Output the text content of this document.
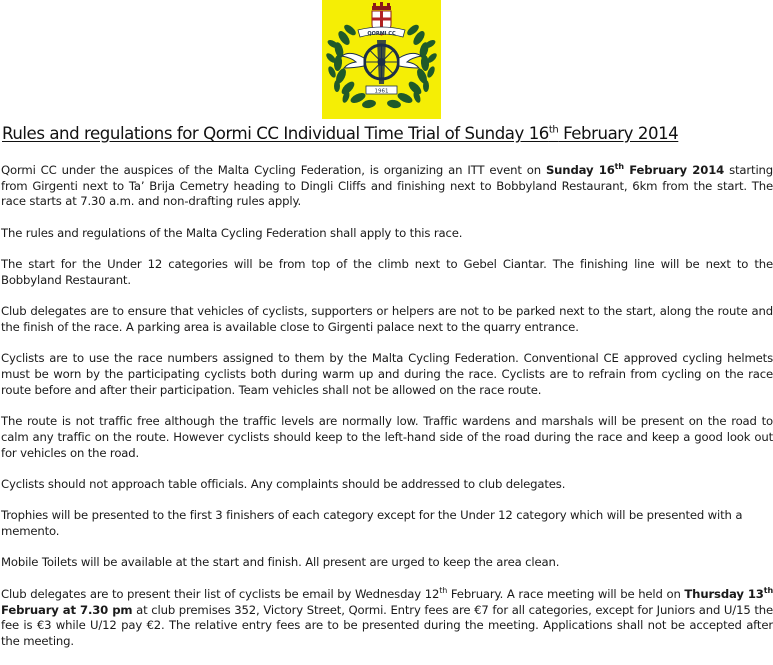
QORMI CC
1961
Rules and regulations for Qormi CC Individual Time Trial of Sunday 16th February 2014

Qormi CC under the auspices of the Malta Cycling Federation, is organizing an ITT event on Sunday 16th February 2014 starting from Girgenti next to Ta’ Brija Cemetry heading to Dingli Cliffs and finishing next to Bobbyland Restaurant, 6km from the start. The race starts at 7.30 a.m. and non-drafting rules apply.

The rules and regulations of the Malta Cycling Federation shall apply to this race.

The start for the Under 12 categories will be from top of the climb next to Gebel Ciantar. The finishing line will be next to the Bobbyland Restaurant.

Club delegates are to ensure that vehicles of cyclists, supporters or helpers are not to be parked next to the start, along the route and the finish of the race. A parking area is available close to Girgenti palace next to the quarry entrance.

Cyclists are to use the race numbers assigned to them by the Malta Cycling Federation. Conventional CE approved cycling helmets must be worn by the participating cyclists both during warm up and during the race. Cyclists are to refrain from cycling on the race route before and after their participation. Team vehicles shall not be allowed on the race route.

The route is not traffic free although the traffic levels are normally low. Traffic wardens and marshals will be present on the road to calm any traffic on the route. However cyclists should keep to the left-hand side of the road during the race and keep a good look out for vehicles on the road.

Cyclists should not approach table officials. Any complaints should be addressed to club delegates.

Trophies will be presented to the first 3 finishers of each category except for the Under 12 category which will be presented with a memento.

Mobile Toilets will be available at the start and finish. All present are urged to keep the area clean.

Club delegates are to present their list of cyclists be email by Wednesday 12th February. A race meeting will be held on Thursday 13th February at 7.30 pm at club premises 352, Victory Street, Qormi. Entry fees are €7 for all categories, except for Juniors and U/15 the fee is €3 while U/12 pay €2. The relative entry fees are to be presented during the meeting. Applications shall not be accepted after the meeting.
